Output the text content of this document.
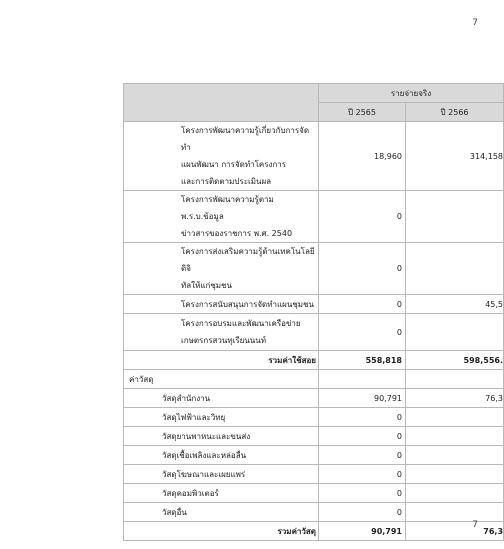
7
	รายจ่ายจริง	
	ปี 2565	ปี 2566

โครงการพัฒนาความรู้เกี่ยวกับการจัดทำ
แผนพัฒนา การจัดทำโครงการ
และการติดตามประเมินผล	18,960	314,158

โครงการพัฒนาความรู้ตาม พ.ร.บ.ข้อมูล
ข่าวสารของราชการ พ.ศ. 2540	0	

โครงการส่งเสริมความรู้ด้านเทคโนโลยีดิจิ
ทัลให้แก่ชุมชน	0	

โครงการสนับสนุนการจัดทำแผนชุมชน	0	45,5

โครงการอบรมและพัฒนาเครือข่าย
เกษตรกรสวนทุเรียนนนท์	0	
รวมค่าใช้สอย	558,818	598,556.
ค่าวัสดุ		
วัสดุสำนักงาน	90,791	76,3
วัสดุไฟฟ้าและวิทยุ	0	
วัสดุยานพาหนะและขนส่ง	0	
วัสดุเชื้อเพลิงและหล่อลื่น	0	
วัสดุโฆษณาและเผยแพร่	0	
วัสดุคอมพิวเตอร์	0	
วัสดุอื่น	0	
รวมค่าวัสดุ	90,791	76,3
7
